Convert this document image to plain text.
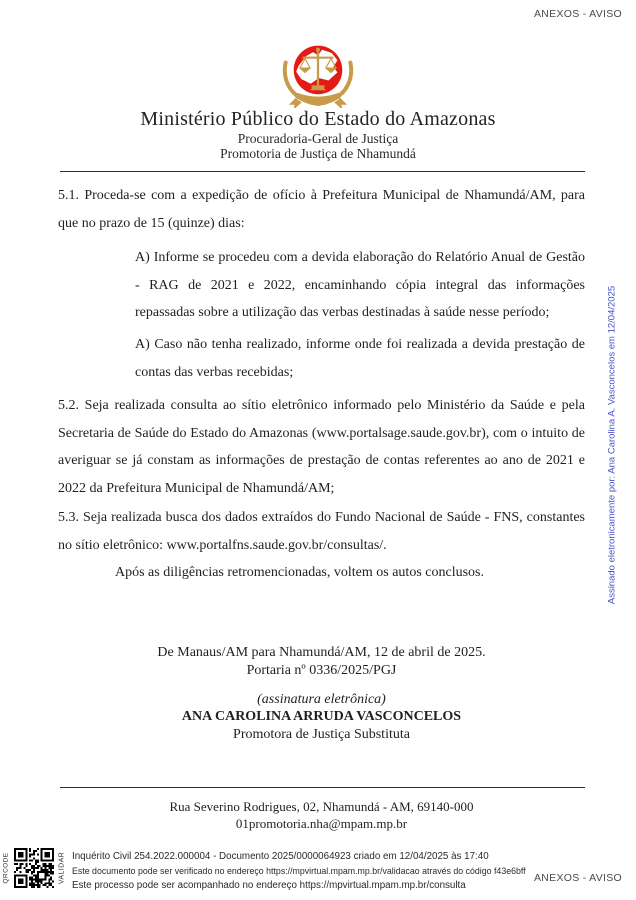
ANEXOS - AVISO
Ministério Público do Estado do Amazonas
Procuradoria-Geral de Justiça
Promotoria de Justiça de Nhamundá
5.1. Proceda-se com a expedição de ofício à Prefeitura Municipal de Nhamundá/AM, para que no prazo de 15 (quinze) dias:
A) Informe se procedeu com a devida elaboração do Relatório Anual de Gestão - RAG de 2021 e 2022, encaminhando cópia integral das informações repassadas sobre a utilização das verbas destinadas à saúde nesse período;
A) Caso não tenha realizado, informe onde foi realizada a devida prestação de contas das verbas recebidas;
5.2. Seja realizada consulta ao sítio eletrônico informado pelo Ministério da Saúde e pela Secretaria de Saúde do Estado do Amazonas (www.portalsage.saude.gov.br), com o intuito de averiguar se já constam as informações de prestação de contas referentes ao ano de 2021 e 2022 da Prefeitura Municipal de Nhamundá/AM;
5.3. Seja realizada busca dos dados extraídos do Fundo Nacional de Saúde - FNS, constantes no sítio eletrônico: www.portalfns.saude.gov.br/consultas/.
Após as diligências retromencionadas, voltem os autos conclusos.
De Manaus/AM para Nhamundá/AM, 12 de abril de 2025.
Portaria nº 0336/2025/PGJ
(assinatura eletrônica)
ANA CAROLINA ARRUDA VASCONCELOS
Promotora de Justiça Substituta
Rua Severino Rodrigues, 02, Nhamundá - AM, 69140-000
01promotoria.nha@mpam.mp.br
Assinado eletronicamente por: Ana Carolina A. Vasconcelos em 12/04/2025
QRCODE	VALIDAR Inquérito Civil 254.2022.000004 - Documento 2025/0000064923 criado em 12/04/2025 às 17:40
Este documento pode ser verificado no endereço https://mpvirtual.mpam.mp.br/validacao através do código f43e6bff
Este processo pode ser acompanhado no endereço https://mpvirtual.mpam.mp.br/consulta
ANEXOS - AVISO
